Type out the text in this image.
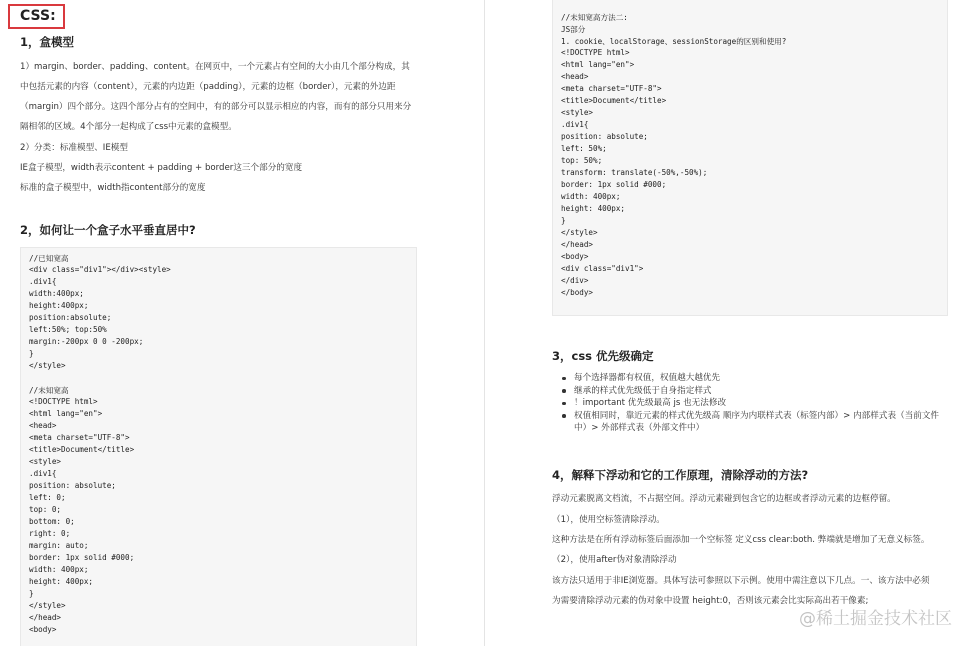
CSS:
1，盒模型

1）margin、border、padding、content。在网页中，一个元素占有空间的大小由几个部分构成，其

中包括元素的内容（content），元素的内边距（padding），元素的边框（border），元素的外边距

（margin）四个部分。这四个部分占有的空间中，有的部分可以显示相应的内容，而有的部分只用来分

隔相邻的区域。4个部分一起构成了css中元素的盒模型。

2）分类：标准模型、IE模型

IE盒子模型，width表示content + padding + border这三个部分的宽度

标准的盒子模型中，width指content部分的宽度

2，如何让一个盒子水平垂直居中?
//已知宽高
<div class="div1"></div><style>
.div1{
width:400px;
height:400px;
position:absolute;
left:50%; top:50%
margin:-200px 0 0 -200px;
}
</style>
//未知宽高
<!DOCTYPE html>
<html lang="en">
<head>
<meta charset="UTF-8">
<title>Document</title>
<style>
.div1{
position: absolute;
left: 0;
top: 0;
bottom: 0;
right: 0;
margin: auto;
border: 1px solid #000;
width: 400px;
height: 400px;
}
</style>
</head>
<body>
//未知宽高方法二:
JS部分
1. cookie、localStorage、sessionStorage的区别和使用?
<!DOCTYPE html>
<html lang="en">
<head>
<meta charset="UTF-8">
<title>Document</title>
<style>
.div1{
position: absolute;
left: 50%;
top: 50%;
transform: translate(-50%,-50%);
border: 1px solid #000;
width: 400px;
height: 400px;
}
</style>
</head>
<body>
<div class="div1">
</div>
</body>
3，css 优先级确定
每个选择器都有权值，权值越大越优先
继承的样式优先级低于自身指定样式
！important 优先级最高 js 也无法修改
权值相同时，靠近元素的样式优先级高 顺序为内联样式表（标签内部）> 内部样式表（当前文件
中）> 外部样式表（外部文件中）
4，解释下浮动和它的工作原理，清除浮动的方法?

浮动元素脱离文档流，不占据空间。浮动元素碰到包含它的边框或者浮动元素的边框停留。

（1），使用空标签清除浮动。

这种方法是在所有浮动标签后面添加一个空标签 定义css clear:both. 弊端就是增加了无意义标签。

（2），使用after伪对象清除浮动

该方法只适用于非IE浏览器。具体写法可参照以下示例。使用中需注意以下几点。一、该方法中必须

为需要清除浮动元素的伪对象中设置 height:0，否则该元素会比实际高出若干像素;

@稀土掘金技术社区
